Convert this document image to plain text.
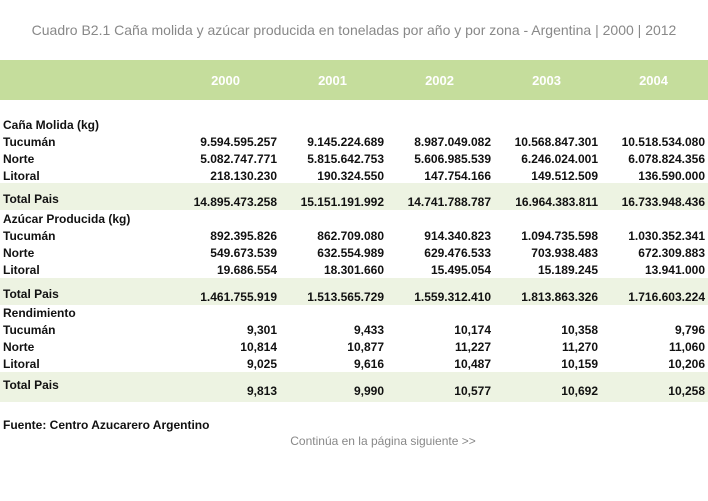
Cuadro B2.1 Caña molida y azúcar producida en toneladas por año y por zona - Argentina | 2000 | 2012
2000	2001	2002	2003	2004
Caña Molida (kg)
Tucumán	9.594.595.257	9.145.224.689	8.987.049.082 10.568.847.301 10.518.534.080
Norte	5.082.747.771	5.815.642.753	5.606.985.539	6.246.024.001	6.078.824.356
Litoral	218.130.230	190.324.550	147.754.166	149.512.509	136.590.000
Total Pais	14.895.473.258 15.151.191.992 14.741.788.787 16.964.383.811 16.733.948.436
Azúcar Producida (kg)
Tucumán	892.395.826	862.709.080	914.340.823	1.094.735.598	1.030.352.341
Norte	549.673.539	632.554.989	629.476.533	703.938.483	672.309.883
Litoral	19.686.554	18.301.660	15.495.054	15.189.245	13.941.000
Total Pais	1.461.755.919	1.513.565.729	1.559.312.410	1.813.863.326	1.716.603.224
Rendimiento
Tucumán	9,301	9,433	10,174	10,358	9,796
Norte	10,814	10,877	11,227	11,270	11,060
Litoral	9,025	9,616	10,487	10,159	10,206
Total Pais	9,813	9,990	10,577	10,692	10,258
Fuente: Centro Azucarero Argentino
Continúa en la página siguiente >>
